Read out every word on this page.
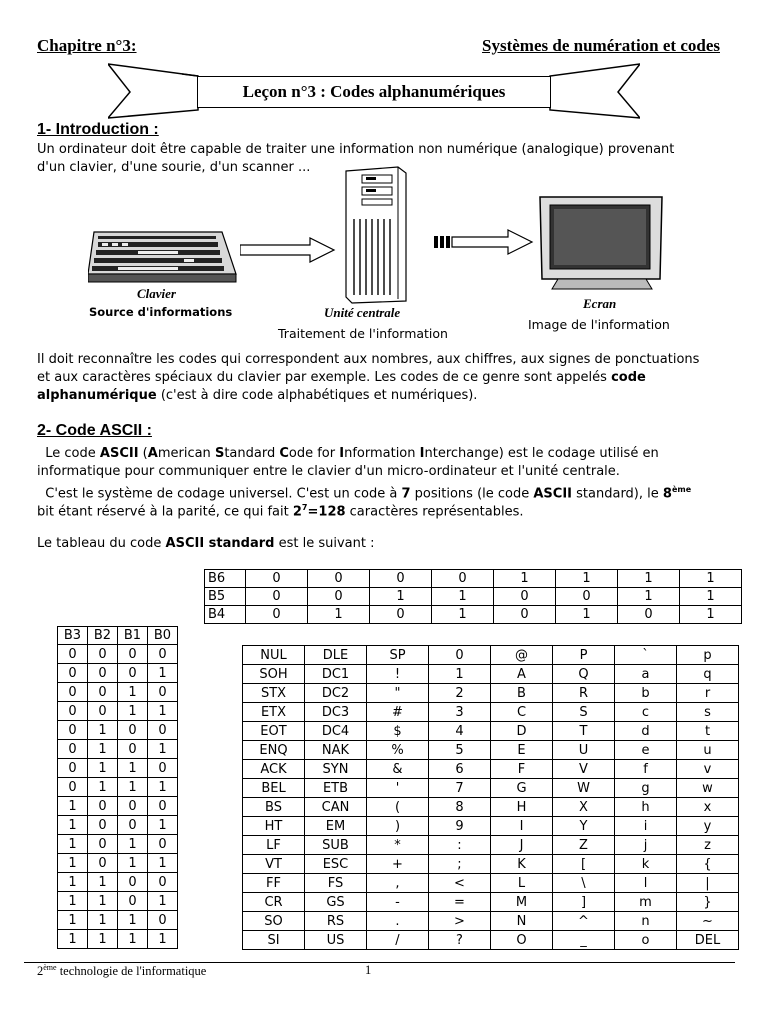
Chapitre n°3:	Systèmes de numération et codes
Leçon n°3 : Codes alphanumériques
1- Introduction :
Un ordinateur doit être capable de traiter une information non numérique (analogique) provenant
d'un clavier, d'une sourie, d'un scanner ...
Clavier
Source d'informations	Unité centrale
Traitement de l'information
Ecran
Image de l'information
Il doit reconnaître les codes qui correspondent aux nombres, aux chiffres, aux signes de ponctuations
et aux caractères spéciaux du clavier par exemple. Les codes de ce genre sont appelés code
alphanumérique (c'est à dire code alphabétiques et numériques).
2- Code ASCII :
Le code ASCII (American Standard Code for Information Interchange) est le codage utilisé en
informatique pour communiquer entre le clavier d'un micro-ordinateur et l'unité centrale.
C'est le système de codage universel. C'est un code à 7 positions (le code ASCII standard), le 8ème
bit étant réservé à la parité, ce qui fait $2^7=128$ caractères représentables.
Le tableau du code ASCII standard est le suivant :
B6	0	0	0	0	1	1	1	1
B5	0	0	1	1	0	0	1	1
B4	0	1	0	1	0	1	0	1
B3	B2	B1	B0
0	0	0	0
0	0	0	1
0	0	1	0
0	0	1	1
0	1	0	0
0	1	0	1
0	1	1	0
0	1	1	1
1	0	0	0
1	0	0	1
1	0	1	0
1	0	1	1
1	1	0	0
1	1	0	1
1	1	1	0
1	1	1	1
NUL	DLE	SP	0	@	P	`	p
SOH	DC1	!	1	A	Q	a	q
STX	DC2	"	2	B	R	b	r
ETX	DC3	#	3	C	S	c	s
EOT	DC4	$	4	D	T	d	t
ENQ	NAK	%	5	E	U	e	u
ACK	SYN	&	6	F	V	f	v
BEL	ETB	'	7	G	W	g	w
BS	CAN	(	8	H	X	h	x
HT	EM	)	9	I	Y	i	y
LF	SUB	*	:	J	Z	j	z
VT	ESC	+	;	K	[	k	{
FF	FS	,	<	L	\	l	|
CR	GS	-	=	M	]	m	}
SO	RS	.	>	N	^	n	~
SI	US	/	?	O	_	o	DEL
2ème technologie de l'informatique	1
